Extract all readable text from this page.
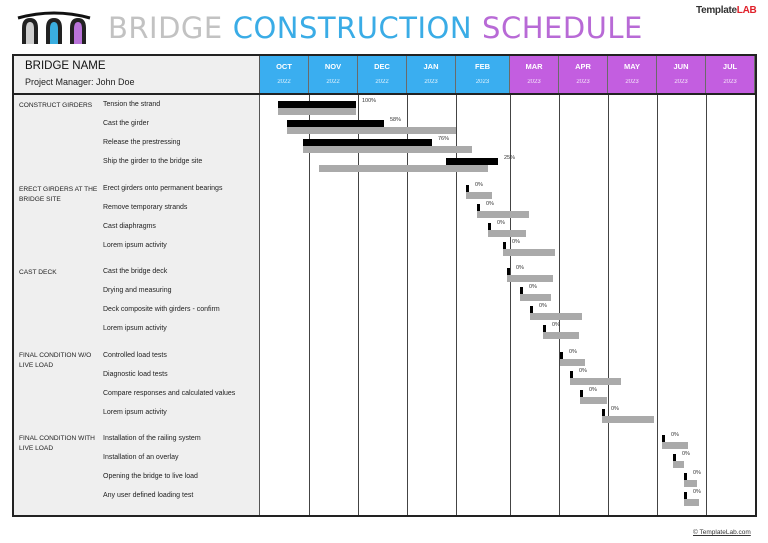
BRIDGE CONSTRUCTION SCHEDULE
TemplateLAB
BRIDGE NAME
Project Manager: John Doe
OCT
2022
NOV
2022
DEC
2022
JAN
2023
FEB
2023
MAR
2023
APR
2023
MAY
2023
JUN
2023
JUL
2023
CONSTRUCT GIRDERS
ERECT GIRDERS AT THE BRIDGE SITE
CAST DECK
FINAL CONDITION W/O LIVE LOAD
FINAL CONDITION WITH LIVE LOAD
Tension the strand
Cast the girder
Release the prestressing
Ship the girder to the bridge site
Erect girders onto permanent bearings
Remove temporary strands
Cast diaphragms
Lorem ipsum activity
Cast the bridge deck
Drying and measuring
Deck composite with girders - confirm
Lorem ipsum activity
Controlled load tests
Diagnostic load tests
Compare responses and calculated values
Lorem ipsum activity
Installation of the railing system
Installation of an overlay
Opening the bridge to live load
Any user defined loading test
100%
58%
76%
25%
0%
0%
0%
0%
0%
0%
0%
0%
0%
0%
0%
0%
0%
0%
0%
0%
© TemplateLab.com
